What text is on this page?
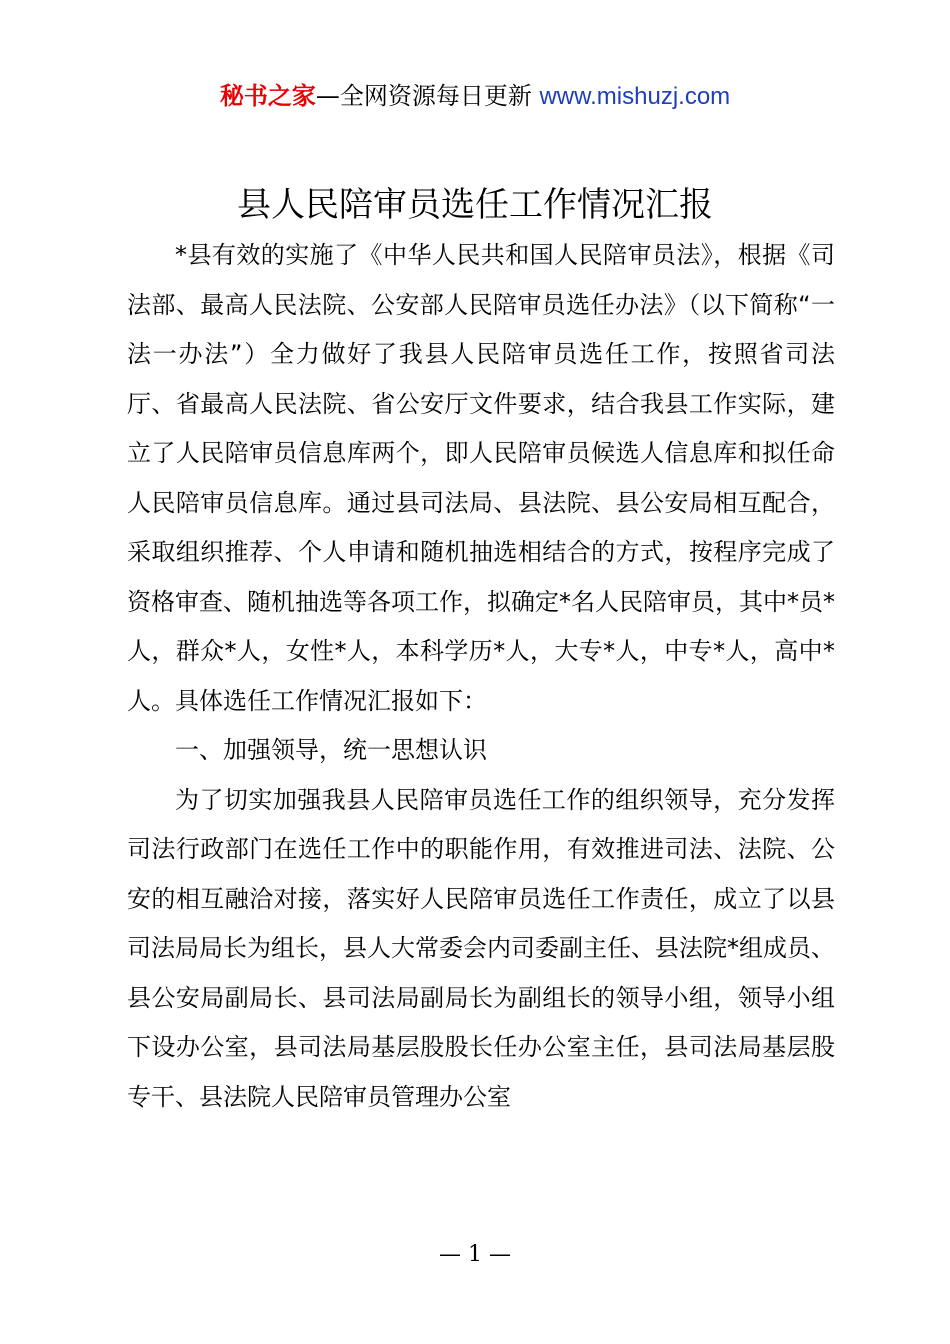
秘书之家—全网资源每日更新 www.mishuzj.com
县人民陪审员选任工作情况汇报

*县有效的实施了《中华人民共和国人民陪审员法》，根据《司法部、最高人民法院、公安部人民陪审员选任办法》（以下简称“一法一办法”）全力做好了我县人民陪审员选任工作，按照省司法厅、省最高人民法院、省公安厅文件要求，结合我县工作实际，建立了人民陪审员信息库两个，即人民陪审员候选人信息库和拟任命人民陪审员信息库。通过县司法局、县法院、县公安局相互配合，采取组织推荐、个人申请和随机抽选相结合的方式，按程序完成了资格审查、随机抽选等各项工作，拟确定*名人民陪审员，其中*员*人，群众*人，女性*人，本科学历*人，大专*人，中专*人，高中*人。具体选任工作情况汇报如下：

一、加强领导，统一思想认识

为了切实加强我县人民陪审员选任工作的组织领导，充分发挥司法行政部门在选任工作中的职能作用，有效推进司法、法院、公安的相互融洽对接，落实好人民陪审员选任工作责任，成立了以县司法局局长为组长，县人大常委会内司委副主任、县法院*组成员、县公安局副局长、县司法局副局长为副组长的领导小组，领导小组下设办公室，县司法局基层股股长任办公室主任，县司法局基层股专干、县法院人民陪审员管理办公室

— 1 —
